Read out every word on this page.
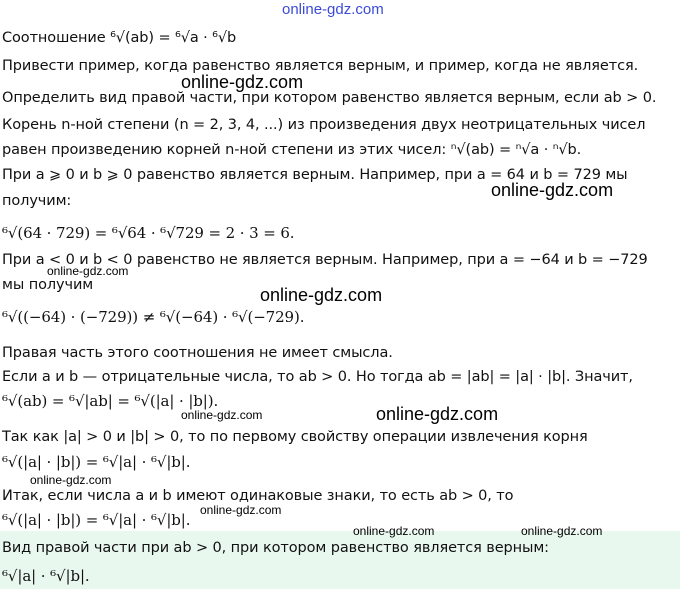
online-gdz.com
Соотношение ⁶√(ab) = ⁶√a · ⁶√b
Привести пример, когда равенство является верным, и пример, когда не является.
Определить вид правой части, при котором равенство является верным, если ab > 0.
Корень n-ной степени (n = 2, 3, 4, ...) из произведения двух неотрицательных чисел
равен произведению корней n-ной степени из этих чисел: ⁿ√(ab) = ⁿ√a · ⁿ√b.
При a ⩾ 0 и b ⩾ 0 равенство является верным. Например, при a = 64 и b = 729 мы
получим:
⁶√(64 · 729) = ⁶√64 · ⁶√729 = 2 · 3 = 6.
При a < 0 и b < 0 равенство не является верным. Например, при a = −64 и b = −729
мы получим
⁶√((−64) · (−729)) ≠ ⁶√(−64) · ⁶√(−729).
Правая часть этого соотношения не имеет смысла.
Если a и b — отрицательные числа, то ab > 0. Но тогда ab = |ab| = |a| · |b|. Значит,
⁶√(ab) = ⁶√|ab| = ⁶√(|a| · |b|).
Так как |a| > 0 и |b| > 0, то по первому свойству операции извлечения корня
⁶√(|a| · |b|) = ⁶√|a| · ⁶√|b|.
Итак, если числа a и b имеют одинаковые знаки, то есть ab > 0, то
⁶√(|a| · |b|) = ⁶√|a| · ⁶√|b|.
Вид правой части при ab > 0, при котором равенство является верным:
⁶√|a| · ⁶√|b|.
online-gdz.com
online-gdz.com
online-gdz.com
online-gdz.com
online-gdz.com	online-gdz.com
online-gdz.com
online-gdz.com
online-gdz.com	online-gdz.com
